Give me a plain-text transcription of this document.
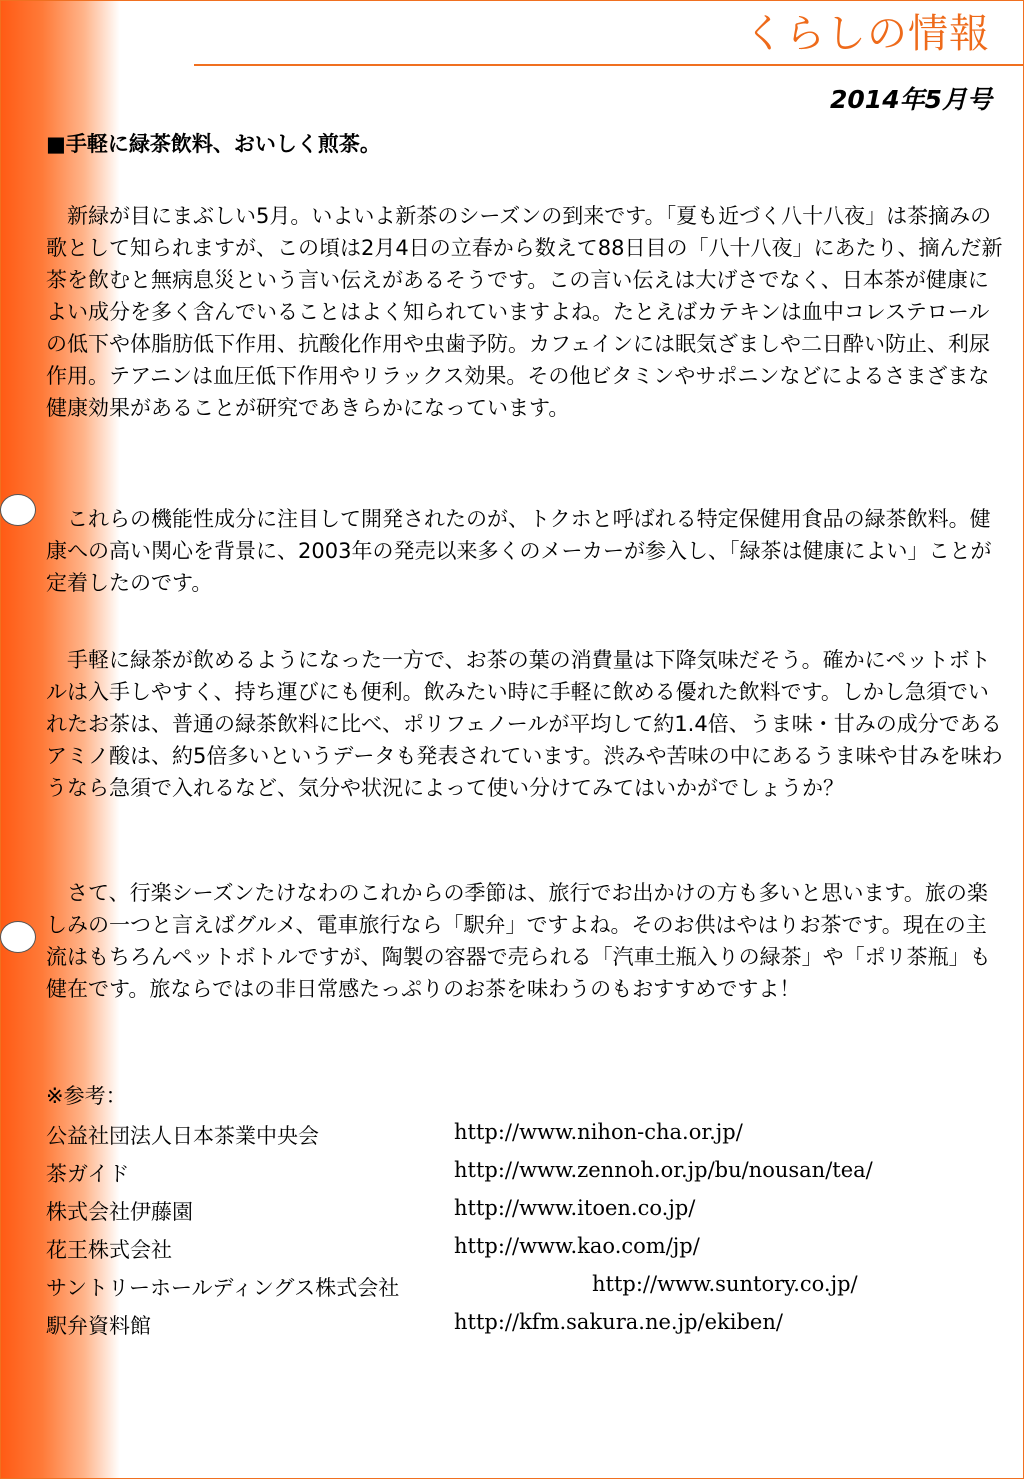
くらしの情報
2014年5月号
■手軽に緑茶飲料、おいしく煎茶。

新緑が目にまぶしい5月。いよいよ新茶のシーズンの到来です。「夏も近づく八十八夜」は茶摘みの歌として知られますが、この頃は2月4日の立春から数えて88日目の「八十八夜」にあたり、摘んだ新茶を飲むと無病息災という言い伝えがあるそうです。この言い伝えは大げさでなく、日本茶が健康によい成分を多く含んでいることはよく知られていますよね。たとえばカテキンは血中コレステロールの低下や体脂肪低下作用、抗酸化作用や虫歯予防。カフェインには眠気ざましや二日酔い防止、利尿作用。テアニンは血圧低下作用やリラックス効果。その他ビタミンやサポニンなどによるさまざまな健康効果があることが研究であきらかになっています。

これらの機能性成分に注目して開発されたのが、トクホと呼ばれる特定保健用食品の緑茶飲料。健康への高い関心を背景に、2003年の発売以来多くのメーカーが参入し、「緑茶は健康によい」ことが定着したのです。

手軽に緑茶が飲めるようになった一方で、お茶の葉の消費量は下降気味だそう。確かにペットボトルは入手しやすく、持ち運びにも便利。飲みたい時に手軽に飲める優れた飲料です。しかし急須でいれたお茶は、普通の緑茶飲料に比べ、ポリフェノールが平均して約1.4倍、うま味・甘みの成分であるアミノ酸は、約5倍多いというデータも発表されています。渋みや苦味の中にあるうま味や甘みを味わうなら急須で入れるなど、気分や状況によって使い分けてみてはいかがでしょうか？

さて、行楽シーズンたけなわのこれからの季節は、旅行でお出かけの方も多いと思います。旅の楽しみの一つと言えばグルメ、電車旅行なら「駅弁」ですよね。そのお供はやはりお茶です。現在の主流はもちろんペットボトルですが、陶製の容器で売られる「汽車土瓶入りの緑茶」や「ポリ茶瓶」も健在です。旅ならではの非日常感たっぷりのお茶を味わうのもおすすめですよ！

※参考：
公益社団法人日本茶業中央会	http://www.nihon-cha.or.jp/
茶ガイド	http://www.zennoh.or.jp/bu/nousan/tea/
株式会社伊藤園	http://www.itoen.co.jp/
花王株式会社	http://www.kao.com/jp/
サントリーホールディングス株式会社	http://www.suntory.co.jp/
駅弁資料館	http://kfm.sakura.ne.jp/ekiben/
